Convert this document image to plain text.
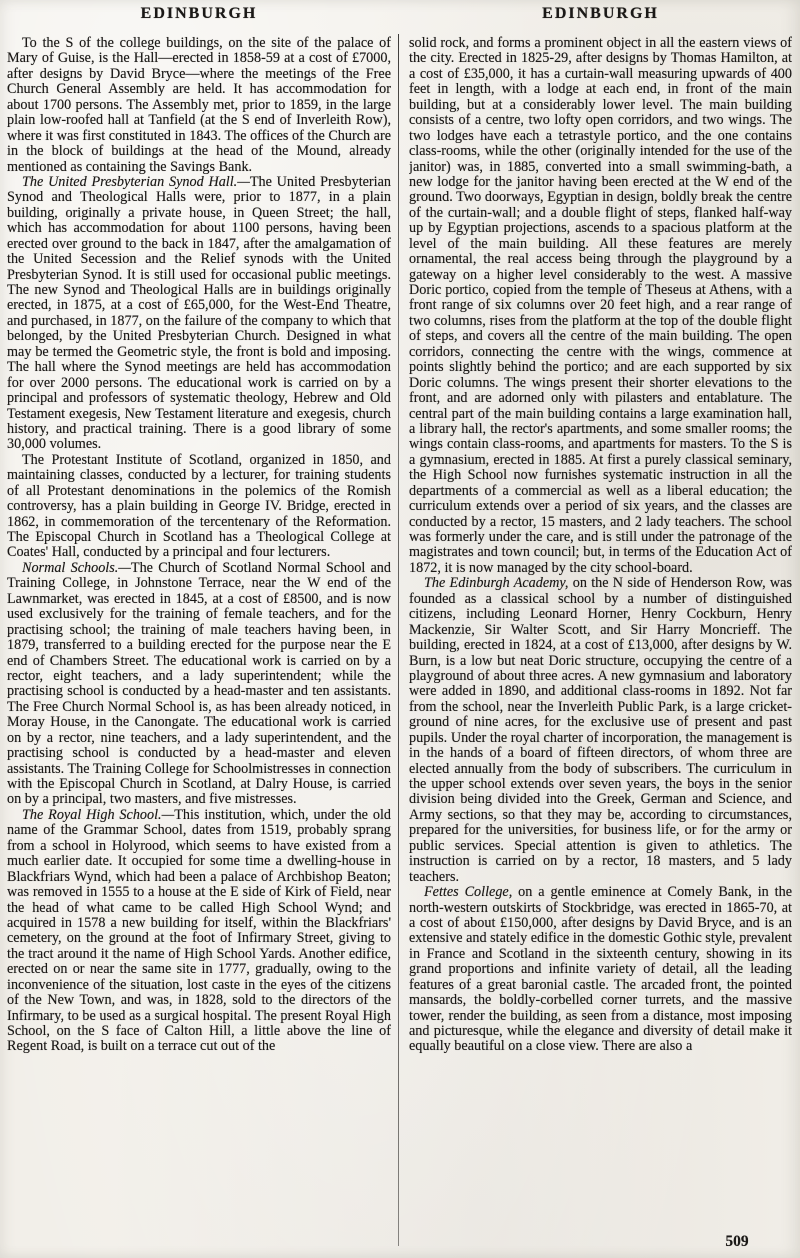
EDINBURGH	EDINBURGH

To the S of the college buildings, on the site of the palace of Mary of Guise, is the Hall—erected in 1858-59 at a cost of £7000, after designs by David Bryce—where the meetings of the Free Church General Assembly are held. It has accommodation for about 1700 persons. The Assembly met, prior to 1859, in the large plain low-roofed hall at Tanfield (at the S end of Inverleith Row), where it was first constituted in 1843. The offices of the Church are in the block of buildings at the head of the Mound, already mentioned as containing the Savings Bank.

The United Presbyterian Synod Hall.—The United Presbyterian Synod and Theological Halls were, prior to 1877, in a plain building, originally a private house, in Queen Street; the hall, which has accommodation for about 1100 persons, having been erected over ground to the back in 1847, after the amalgamation of the United Secession and the Relief synods with the United Presbyterian Synod. It is still used for occasional public meetings. The new Synod and Theological Halls are in buildings originally erected, in 1875, at a cost of £65,000, for the West-End Theatre, and purchased, in 1877, on the failure of the company to which that belonged, by the United Presbyterian Church. Designed in what may be termed the Geometric style, the front is bold and imposing. The hall where the Synod meetings are held has accommodation for over 2000 persons. The educational work is carried on by a principal and professors of systematic theology, Hebrew and Old Testament exegesis, New Testament literature and exegesis, church history, and practical training. There is a good library of some 30,000 volumes.

The Protestant Institute of Scotland, organized in 1850, and maintaining classes, conducted by a lecturer, for training students of all Protestant denominations in the polemics of the Romish controversy, has a plain building in George IV. Bridge, erected in 1862, in commemoration of the tercentenary of the Reformation. The Episcopal Church in Scotland has a Theological College at Coates' Hall, conducted by a principal and four lecturers.

Normal Schools.—The Church of Scotland Normal School and Training College, in Johnstone Terrace, near the W end of the Lawnmarket, was erected in 1845, at a cost of £8500, and is now used exclusively for the training of female teachers, and for the practising school; the training of male teachers having been, in 1879, transferred to a building erected for the purpose near the E end of Chambers Street. The educational work is carried on by a rector, eight teachers, and a lady superintendent; while the practising school is conducted by a head-master and ten assistants. The Free Church Normal School is, as has been already noticed, in Moray House, in the Canongate. The educational work is carried on by a rector, nine teachers, and a lady superintendent, and the practising school is conducted by a head-master and eleven assistants. The Training College for Schoolmistresses in connection with the Episcopal Church in Scotland, at Dalry House, is carried on by a principal, two masters, and five mistresses.

The Royal High School.—This institution, which, under the old name of the Grammar School, dates from 1519, probably sprang from a school in Holyrood, which seems to have existed from a much earlier date. It occupied for some time a dwelling-house in Blackfriars Wynd, which had been a palace of Archbishop Beaton; was removed in 1555 to a house at the E side of Kirk of Field, near the head of what came to be called High School Wynd; and acquired in 1578 a new building for itself, within the Blackfriars' cemetery, on the ground at the foot of Infirmary Street, giving to the tract around it the name of High School Yards. Another edifice, erected on or near the same site in 1777, gradually, owing to the inconvenience of the situation, lost caste in the eyes of the citizens of the New Town, and was, in 1828, sold to the directors of the Infirmary, to be used as a surgical hospital. The present Royal High School, on the S face of Calton Hill, a little above the line of Regent Road, is built on a terrace cut out of the

solid rock, and forms a prominent object in all the eastern views of the city. Erected in 1825-29, after designs by Thomas Hamilton, at a cost of £35,000, it has a curtain-wall measuring upwards of 400 feet in length, with a lodge at each end, in front of the main building, but at a considerably lower level. The main building consists of a centre, two lofty open corridors, and two wings. The two lodges have each a tetrastyle portico, and the one contains class-rooms, while the other (originally intended for the use of the janitor) was, in 1885, converted into a small swimming-bath, a new lodge for the janitor having been erected at the W end of the ground. Two doorways, Egyptian in design, boldly break the centre of the curtain-wall; and a double flight of steps, flanked half-way up by Egyptian projections, ascends to a spacious platform at the level of the main building. All these features are merely ornamental, the real access being through the playground by a gateway on a higher level considerably to the west. A massive Doric portico, copied from the temple of Theseus at Athens, with a front range of six columns over 20 feet high, and a rear range of two columns, rises from the platform at the top of the double flight of steps, and covers all the centre of the main building. The open corridors, connecting the centre with the wings, commence at points slightly behind the portico; and are each supported by six Doric columns. The wings present their shorter elevations to the front, and are adorned only with pilasters and entablature. The central part of the main building contains a large examination hall, a library hall, the rector's apartments, and some smaller rooms; the wings contain class-rooms, and apartments for masters. To the S is a gymnasium, erected in 1885. At first a purely classical seminary, the High School now furnishes systematic instruction in all the departments of a commercial as well as a liberal education; the curriculum extends over a period of six years, and the classes are conducted by a rector, 15 masters, and 2 lady teachers. The school was formerly under the care, and is still under the patronage of the magistrates and town council; but, in terms of the Education Act of 1872, it is now managed by the city school-board.

The Edinburgh Academy, on the N side of Henderson Row, was founded as a classical school by a number of distinguished citizens, including Leonard Horner, Henry Cockburn, Henry Mackenzie, Sir Walter Scott, and Sir Harry Moncrieff. The building, erected in 1824, at a cost of £13,000, after designs by W. Burn, is a low but neat Doric structure, occupying the centre of a playground of about three acres. A new gymnasium and laboratory were added in 1890, and additional class-rooms in 1892. Not far from the school, near the Inverleith Public Park, is a large cricket-ground of nine acres, for the exclusive use of present and past pupils. Under the royal charter of incorporation, the management is in the hands of a board of fifteen directors, of whom three are elected annually from the body of subscribers. The curriculum in the upper school extends over seven years, the boys in the senior division being divided into the Greek, German and Science, and Army sections, so that they may be, according to circumstances, prepared for the universities, for business life, or for the army or public services. Special attention is given to athletics. The instruction is carried on by a rector, 18 masters, and 5 lady teachers.

Fettes College, on a gentle eminence at Comely Bank, in the north-western outskirts of Stockbridge, was erected in 1865-70, at a cost of about £150,000, after designs by David Bryce, and is an extensive and stately edifice in the domestic Gothic style, prevalent in France and Scotland in the sixteenth century, showing in its grand proportions and infinite variety of detail, all the leading features of a great baronial castle. The arcaded front, the pointed mansards, the boldly-corbelled corner turrets, and the massive tower, render the building, as seen from a distance, most imposing and picturesque, while the elegance and diversity of detail make it equally beautiful on a close view. There are also a

509
